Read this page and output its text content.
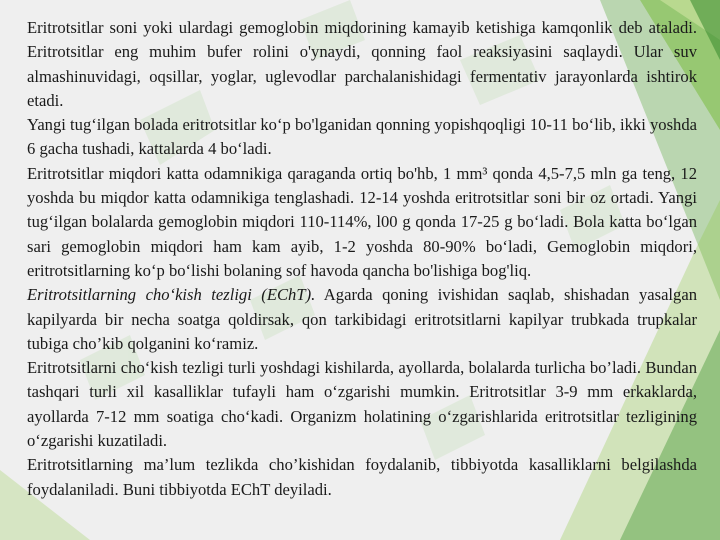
Eritrotsitlar soni yoki ulardagi gemoglobin miqdorining kamayib ketishiga kamqonlik deb ataladi. Eritrotsitlar eng muhim bufer rolini o'ynaydi, qonning faol reaksiyasini saqlaydi. Ular suv almashinuvidagi, oqsillar, yoglar, uglevodlar parchalanishidagi fermentativ jarayonlarda ishtirok etadi.

Yangi tug‘ilgan bolada eritrotsitlar ko‘p bo'lganidan qonning yopishqoqligi 10-11 bo‘lib, ikki yoshda 6 gacha tushadi, kattalarda 4 bo‘ladi.

Eritrotsitlar miqdori katta odamnikiga qaraganda ortiq bo'hb, 1 mm³ qonda 4,5-7,5 mln ga teng, 12 yoshda bu miqdor katta odamnikiga tenglashadi. 12-14 yoshda eritrotsitlar soni bir oz ortadi. Yangi tug‘ilgan bolalarda gemoglobin miqdori 110-114%, l00 g qonda 17-25 g bo‘ladi. Bola katta bo‘lgan sari gemoglobin miqdori ham kam ayib, 1-2 yoshda 80-90% bo‘ladi, Gemoglobin miqdori, eritrotsitlarning ko‘p bo‘lishi bolaning sof havoda qancha bo'lishiga bog'liq.

Eritrotsitlarning cho‘kish tezligi (EChT). Agarda qoning ivishidan saqlab, shishadan yasalgan kapilyarda bir necha soatga qoldirsak, qon tarkibidagi eritrotsitlarni kapilyar trubkada trupkalar tubiga cho’kib qolganini ko‘ramiz.

Eritrotsitlarni cho‘kish tezligi turli yoshdagi kishilarda, ayollarda, bolalarda turlicha bo’ladi. Bundan tashqari turli xil kasalliklar tufayli ham o‘zgarishi mumkin. Eritrotsitlar 3-9 mm erkaklarda, ayollarda 7-12 mm soatiga cho‘kadi. Organizm holatining o‘zgarishlarida eritrotsitlar tezligining o‘zgarishi kuzatiladi.

Eritrotsitlarning ma’lum tezlikda cho’kishidan foydalanib, tibbiyotda kasalliklarni belgilashda foydalaniladi. Buni tibbiyotda EChT deyiladi.
